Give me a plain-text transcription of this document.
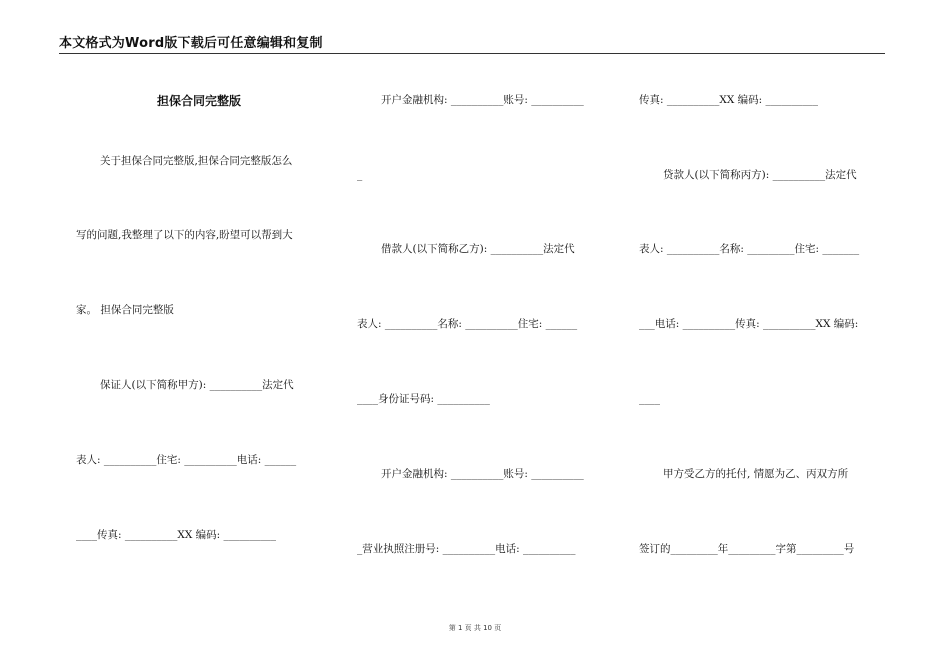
本文格式为Word版下载后可任意编辑和复制
担保合同完整版
关于担保合同完整版,担保合同完整版怎么
写的问题,我整理了以下的内容,盼望可以帮到大
家。 担保合同完整版
保证人(以下简称甲方): __________法定代
表人: __________住宅: __________电话: ______
____传真: __________XX 编码: __________
开户金融机构: __________账号: __________
_
借款人(以下简称乙方): __________法定代
表人: __________名称: __________住宅: ______
____身份证号码: __________
开户金融机构: __________账号: __________
_营业执照注册号: __________电话: __________
传真: __________XX 编码: __________
贷款人(以下简称丙方): __________法定代
表人: __________名称: _________住宅: _______
___电话: __________传真: __________XX 编码:
____
甲方受乙方的托付, 情愿为乙、丙双方所
签订的_________年_________字第_________号
第 1 页 共 10 页
